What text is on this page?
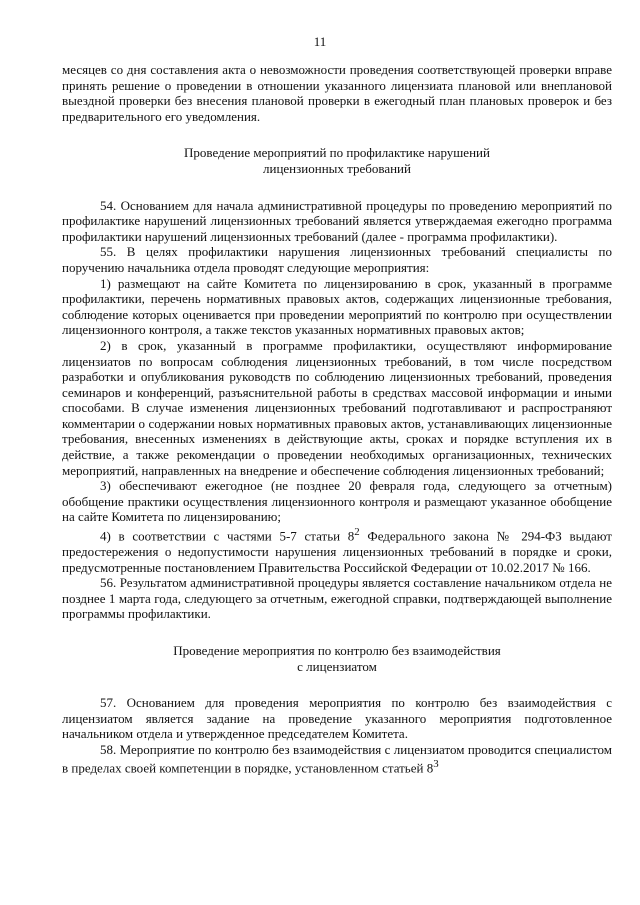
11

месяцев со дня составления акта о невозможности проведения соответствующей проверки вправе принять решение о проведении в отношении указанного лицензиата плановой или внеплановой выездной проверки без внесения плановой проверки в ежегодный план плановых проверок и без предварительного его уведомления.

Проведение мероприятий по профилактике нарушений
лицензионных требований

54. Основанием для начала административной процедуры по проведению мероприятий по профилактике нарушений лицензионных требований является утверждаемая ежегодно программа профилактики нарушений лицензионных требований (далее - программа профилактики).

55. В целях профилактики нарушения лицензионных требований специалисты по поручению начальника отдела проводят следующие мероприятия:

1) размещают на сайте Комитета по лицензированию в срок, указанный в программе профилактики, перечень нормативных правовых актов, содержащих лицензионные требования, соблюдение которых оценивается при проведении мероприятий по контролю при осуществлении лицензионного контроля, а также текстов указанных нормативных правовых актов;

2) в срок, указанный в программе профилактики, осуществляют информирование лицензиатов по вопросам соблюдения лицензионных требований, в том числе посредством разработки и опубликования руководств по соблюдению лицензионных требований, проведения семинаров и конференций, разъяснительной работы в средствах массовой информации и иными способами. В случае изменения лицензионных требований подготавливают и распространяют комментарии о содержании новых нормативных правовых актов, устанавливающих лицензионные требования, внесенных изменениях в действующие акты, сроках и порядке вступления их в действие, а также рекомендации о проведении необходимых организационных, технических мероприятий, направленных на внедрение и обеспечение соблюдения лицензионных требований;

3) обеспечивают ежегодное (не позднее 20 февраля года, следующего за отчетным) обобщение практики осуществления лицензионного контроля и размещают указанное обобщение на сайте Комитета по лицензированию;

4) в соответствии с частями 5-7 статьи $8^2$ Федерального закона № 294-ФЗ выдают предостережения о недопустимости нарушения лицензионных требований в порядке и сроки, предусмотренные постановлением Правительства Российской Федерации от 10.02.2017 № 166.

56. Результатом административной процедуры является составление начальником отдела не позднее 1 марта года, следующего за отчетным, ежегодной справки, подтверждающей выполнение программы профилактики.

Проведение мероприятия по контролю без взаимодействия
с лицензиатом

57. Основанием для проведения мероприятия по контролю без взаимодействия с лицензиатом является задание на проведение указанного мероприятия подготовленное начальником отдела и утвержденное председателем Комитета.

58. Мероприятие по контролю без взаимодействия с лицензиатом проводится специалистом в пределах своей компетенции в порядке, установленном статьей $8^3$
